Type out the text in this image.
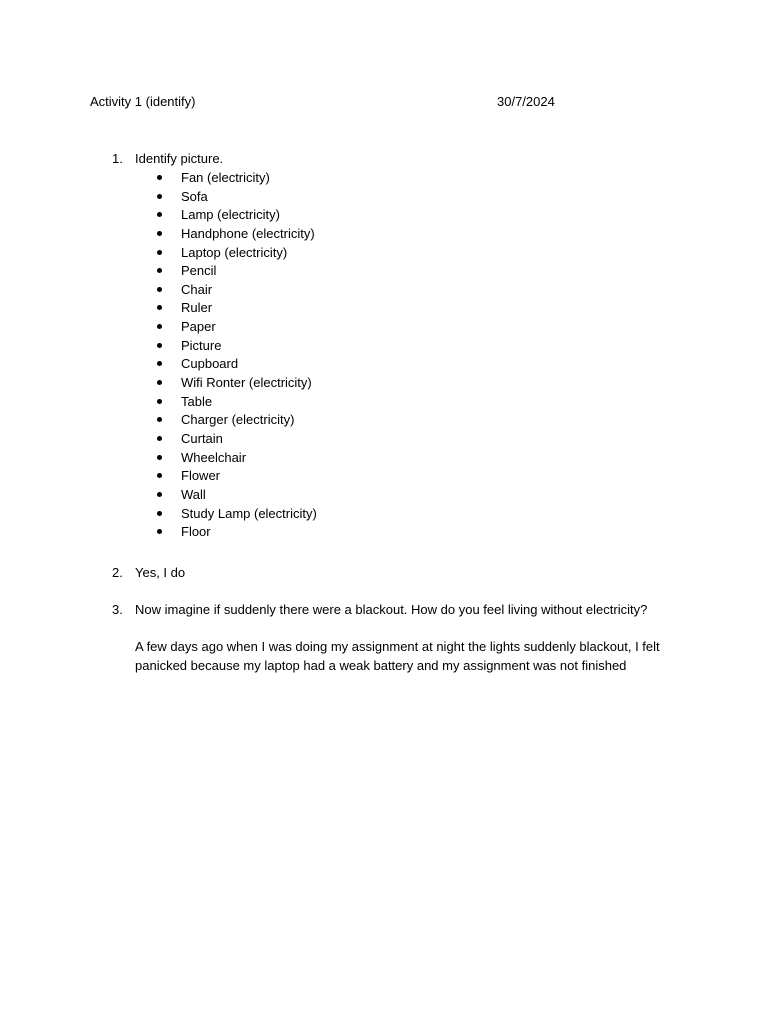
Activity 1 (identify)	30/7/2024
1. Identify picture.
Fan (electricity)
Sofa
Lamp (electricity)
Handphone (electricity)
Laptop (electricity)
Pencil
Chair
Ruler
Paper
Picture
Cupboard
Wifi Ronter (electricity)
Table
Charger (electricity)
Curtain
Wheelchair
Flower
Wall
Study Lamp (electricity)
Floor
2. Yes, I do
3. Now imagine if suddenly there were a blackout. How do you feel living without electricity?
A few days ago when I was doing my assignment at night the lights suddenly blackout, I felt panicked because my laptop had a weak battery and my assignment was not finished
